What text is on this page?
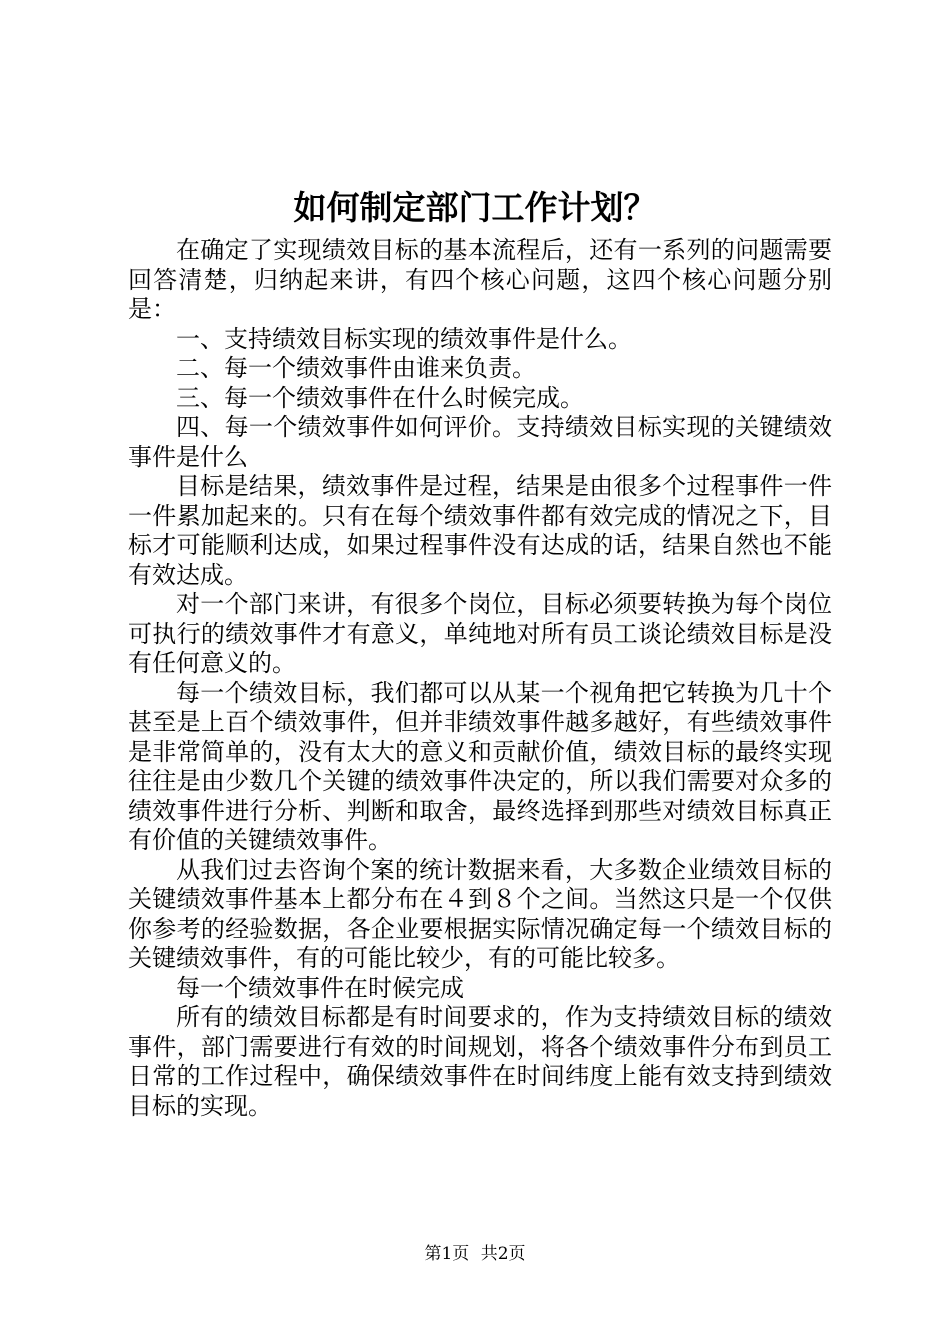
如何制定部门工作计划？

在确定了实现绩效目标的基本流程后，还有一系列的问题需要回答清楚，归纳起来讲，有四个核心问题，这四个核心问题分别是：

一、支持绩效目标实现的绩效事件是什么。

二、每一个绩效事件由谁来负责。

三、每一个绩效事件在什么时候完成。

四、每一个绩效事件如何评价。支持绩效目标实现的关键绩效事件是什么

目标是结果，绩效事件是过程，结果是由很多个过程事件一件一件累加起来的。只有在每个绩效事件都有效完成的情况之下，目标才可能顺利达成，如果过程事件没有达成的话，结果自然也不能有效达成。

对一个部门来讲，有很多个岗位，目标必须要转换为每个岗位可执行的绩效事件才有意义，单纯地对所有员工谈论绩效目标是没有任何意义的。

每一个绩效目标，我们都可以从某一个视角把它转换为几十个甚至是上百个绩效事件，但并非绩效事件越多越好，有些绩效事件是非常简单的，没有太大的意义和贡献价值，绩效目标的最终实现往往是由少数几个关键的绩效事件决定的，所以我们需要对众多的绩效事件进行分析、判断和取舍，最终选择到那些对绩效目标真正有价值的关键绩效事件。

从我们过去咨询个案的统计数据来看，大多数企业绩效目标的关键绩效事件基本上都分布在４到８个之间。当然这只是一个仅供你参考的经验数据，各企业要根据实际情况确定每一个绩效目标的关键绩效事件，有的可能比较少，有的可能比较多。

每一个绩效事件在时候完成

所有的绩效目标都是有时间要求的，作为支持绩效目标的绩效事件，部门需要进行有效的时间规划，将各个绩效事件分布到员工日常的工作过程中，确保绩效事件在时间纬度上能有效支持到绩效目标的实现。

第1页 共2页
